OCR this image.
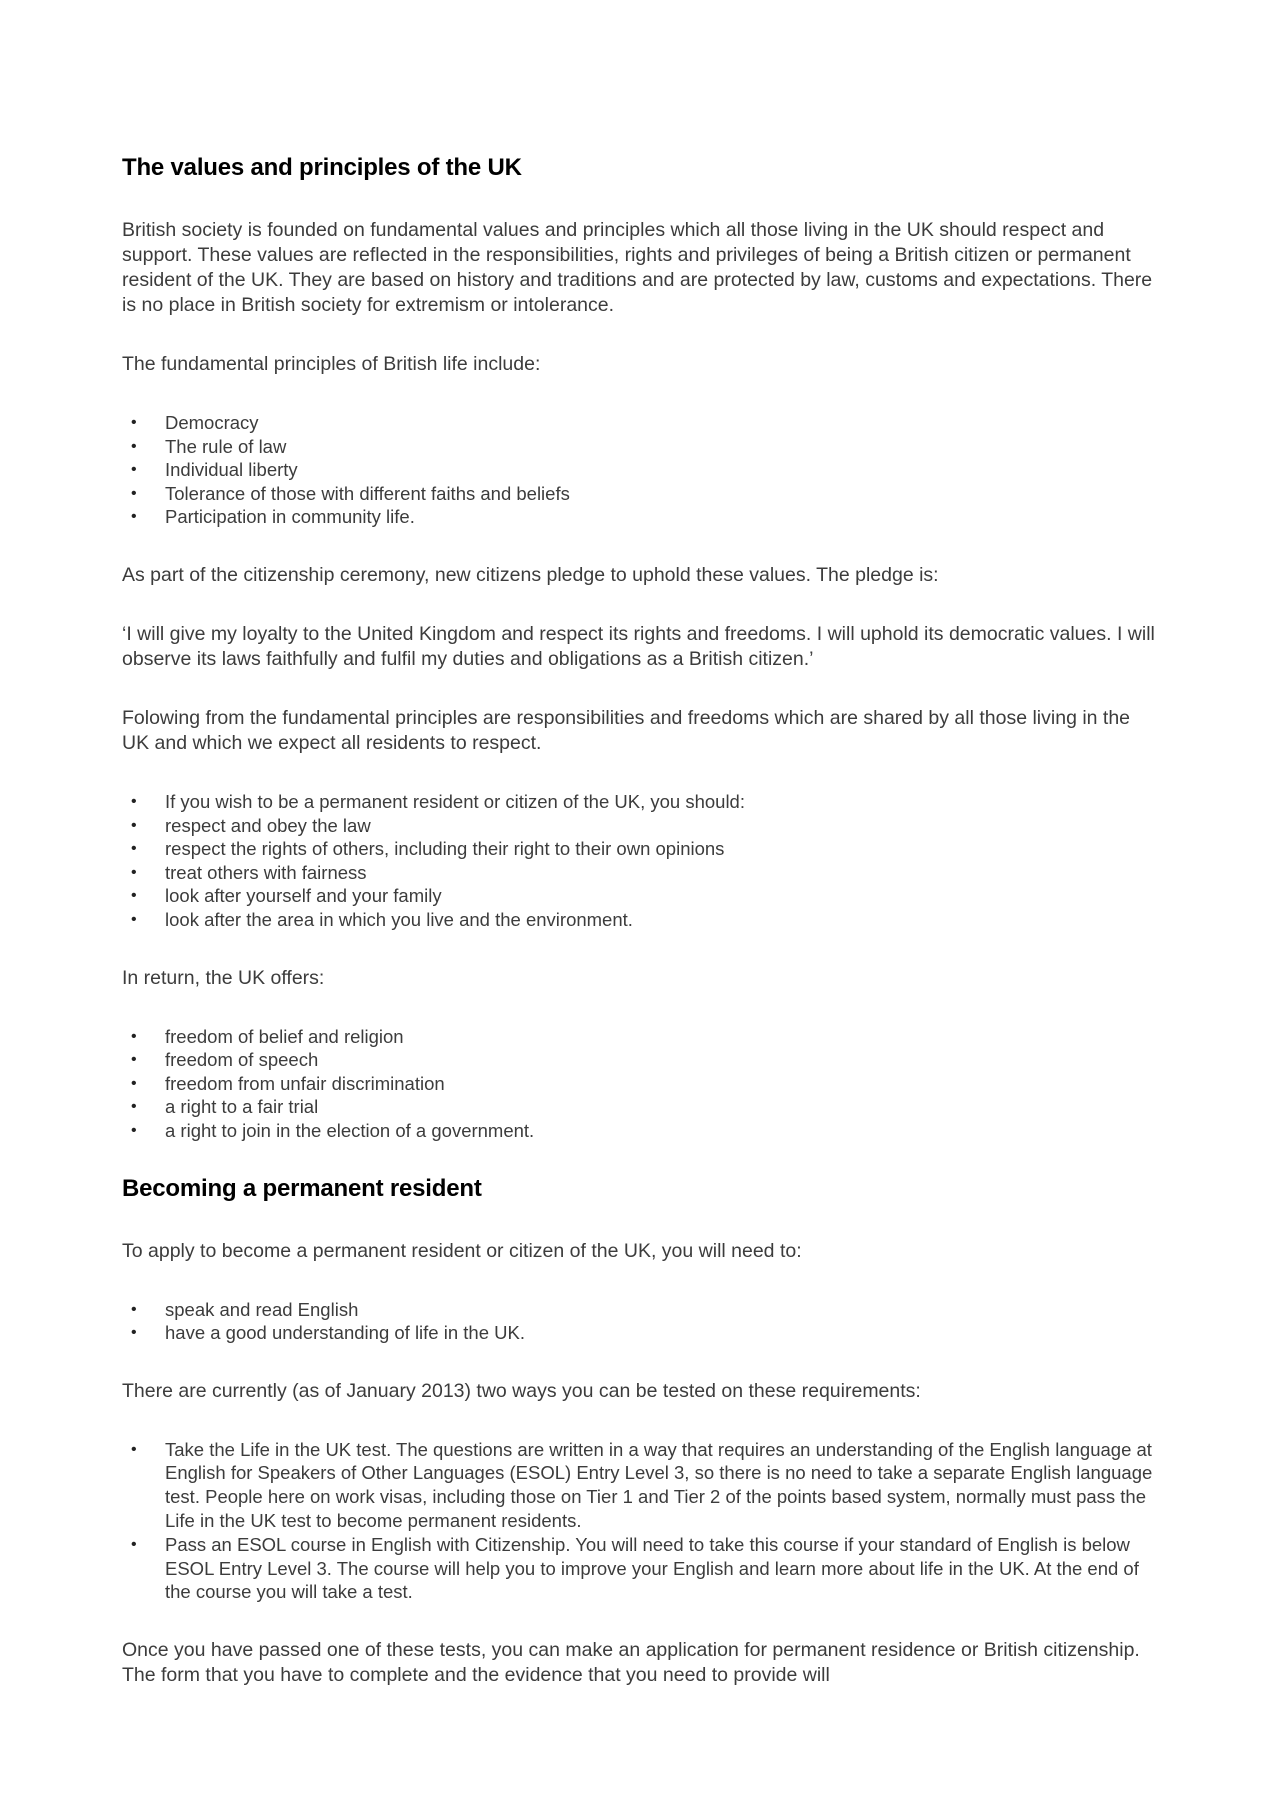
The values and principles of the UK

British society is founded on fundamental values and principles which all those living in the UK should respect and support. These values are reflected in the responsibilities, rights and privileges of being a British citizen or permanent resident of the UK. They are based on history and traditions and are protected by law, customs and expectations. There is no place in British society for extremism or intolerance.

The fundamental principles of British life include:

• Democracy
• The rule of law
• Individual liberty
• Tolerance of those with different faiths and beliefs
• Participation in community life.

As part of the citizenship ceremony, new citizens pledge to uphold these values. The pledge is:

‘I will give my loyalty to the United Kingdom and respect its rights and freedoms. I will uphold its democratic values. I will observe its laws faithfully and fulfil my duties and obligations as a British citizen.’

Folowing from the fundamental principles are responsibilities and freedoms which are shared by all those living in the UK and which we expect all residents to respect.

• If you wish to be a permanent resident or citizen of the UK, you should:
• respect and obey the law
• respect the rights of others, including their right to their own opinions
• treat others with fairness
• look after yourself and your family
• look after the area in which you live and the environment.

In return, the UK offers:

• freedom of belief and religion
• freedom of speech
• freedom from unfair discrimination
• a right to a fair trial
• a right to join in the election of a government.
Becoming a permanent resident

To apply to become a permanent resident or citizen of the UK, you will need to:

• speak and read English
• have a good understanding of life in the UK.

There are currently (as of January 2013) two ways you can be tested on these requirements:

• Take the Life in the UK test. The questions are written in a way that requires an understanding of the English language at English for Speakers of Other Languages (ESOL) Entry Level 3, so there is no need to take a separate English language test. People here on work visas, including those on Tier 1 and Tier 2 of the points based system, normally must pass the Life in the UK test to become permanent residents.
• Pass an ESOL course in English with Citizenship. You will need to take this course if your standard of English is below ESOL Entry Level 3. The course will help you to improve your English and learn more about life in the UK. At the end of the course you will take a test.

Once you have passed one of these tests, you can make an application for permanent residence or British citizenship. The form that you have to complete and the evidence that you need to provide will
